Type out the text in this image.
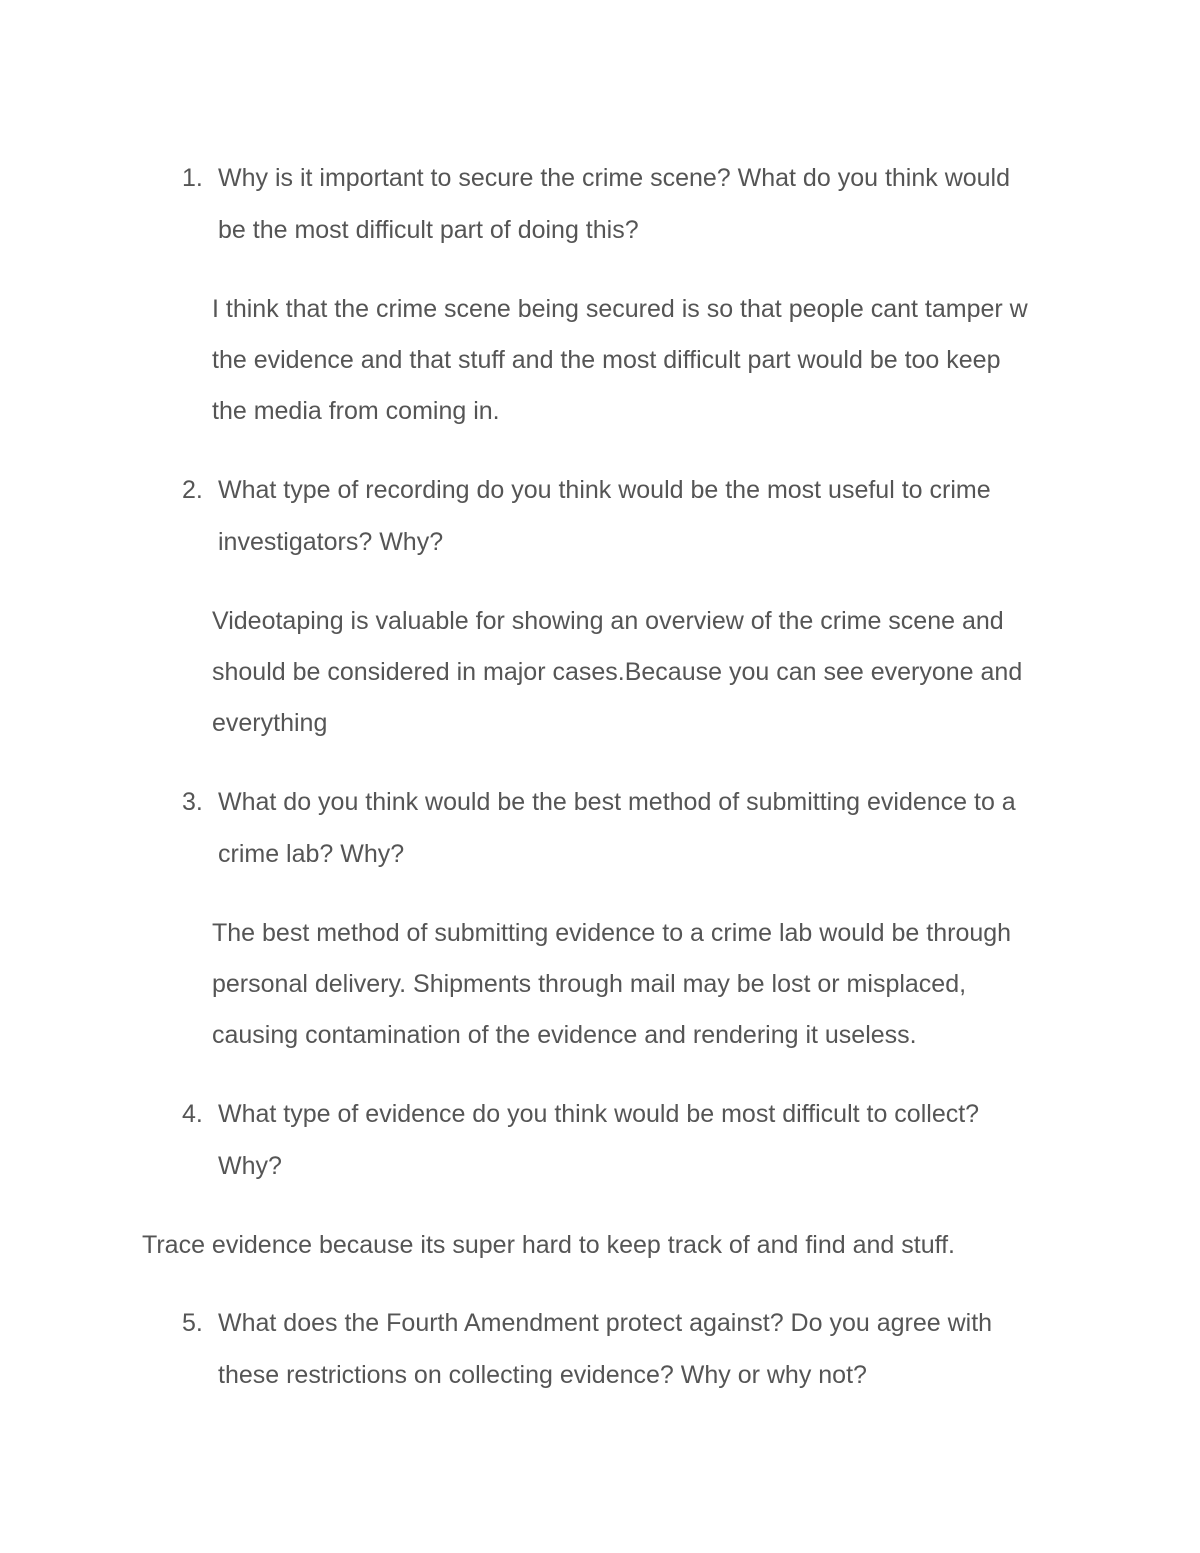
1. Why is it important to secure the crime scene? What do you think would
be the most difficult part of doing this?
I think that the crime scene being secured is so that people cant tamper w
the evidence and that stuff and the most difficult part would be too keep
the media from coming in.
2. What type of recording do you think would be the most useful to crime
investigators? Why?
Videotaping is valuable for showing an overview of the crime scene and
should be considered in major cases.Because you can see everyone and
everything
3. What do you think would be the best method of submitting evidence to a
crime lab? Why?
The best method of submitting evidence to a crime lab would be through
personal delivery. Shipments through mail may be lost or misplaced,
causing contamination of the evidence and rendering it useless.
4. What type of evidence do you think would be most difficult to collect?
Why?
Trace evidence because its super hard to keep track of and find and stuff.
5. What does the Fourth Amendment protect against? Do you agree with
these restrictions on collecting evidence? Why or why not?
